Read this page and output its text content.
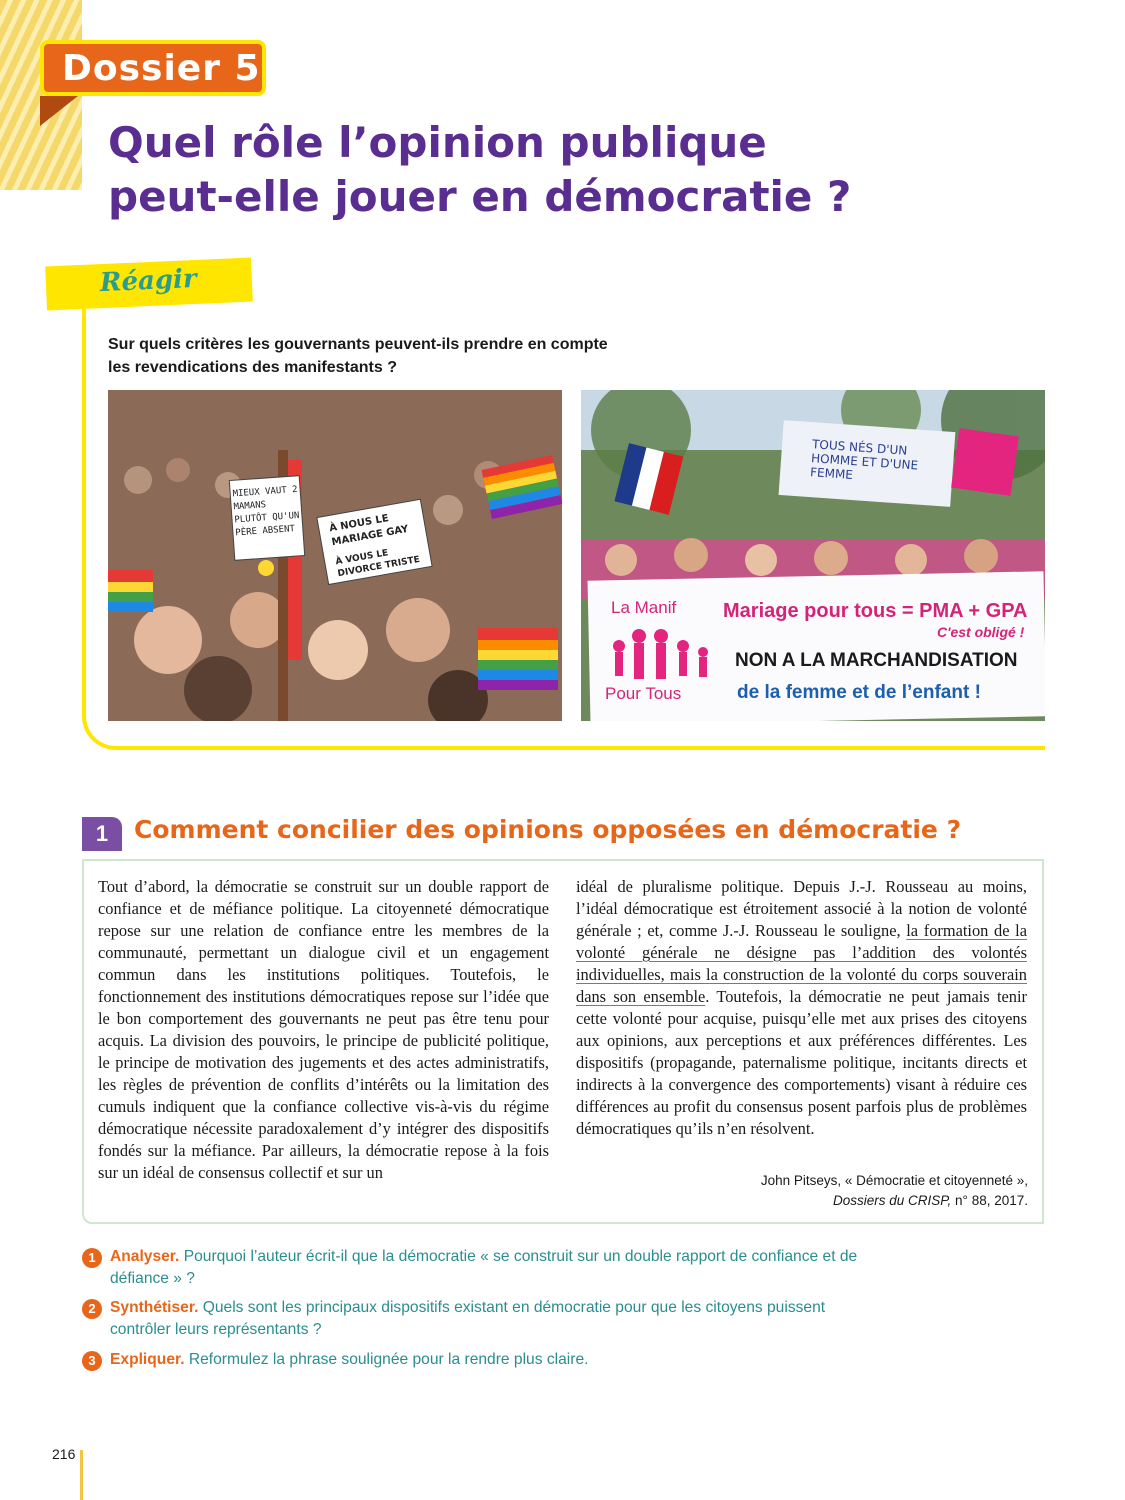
Dossier 5
Quel rôle l’opinion publique
peut-elle jouer en démocratie ?
Réagir

Sur quels critères les gouvernants peuvent-ils prendre en compte
les revendications des manifestants ?

MIEUX VAUT 2 MAMANS PLUTÔT QU'UN PÈRE ABSENT	À NOUS LE MARIAGE GAY
À VOUS LE DIVORCE TRISTE
TOUS NÉS D'UN HOMME ET D'UNE FEMME
La Manif
Pour Tous
Mariage pour tous = PMA + GPA
C'est obligé !
NON A LA MARCHANDISATION
de la femme et de l’enfant !
1	Comment concilier des opinions opposées en démocratie ?

Tout d’abord, la démocratie se construit sur un double rapport de confiance et de méfiance politique. La citoyenneté démocratique repose sur une relation de confiance entre les membres de la communauté, permettant un dialogue civil et un engagement commun dans les institutions politiques. Toutefois, le fonctionnement des institutions démocratiques repose sur l’idée que le bon comportement des gouvernants ne peut pas être tenu pour acquis. La division des pouvoirs, le principe de publicité politique, le principe de motivation des jugements et des actes administratifs, les règles de prévention de conflits d’intérêts ou la limitation des cumuls indiquent que la confiance collective vis-à-vis du régime démocratique nécessite paradoxalement d’y intégrer des dispositifs fondés sur la méfiance. Par ailleurs, la démocratie repose à la fois sur un idéal de consensus collectif et sur un

idéal de pluralisme politique. Depuis J.-J. Rousseau au moins, l’idéal démocratique est étroitement associé à la notion de volonté générale ; et, comme J.-J. Rousseau le souligne, la formation de la volonté générale ne désigne pas l’addition des volontés individuelles, mais la construction de la volonté du corps souverain dans son ensemble. Toutefois, la démocratie ne peut jamais tenir cette volonté pour acquise, puisqu’elle met aux prises des citoyens aux opinions, aux perceptions et aux préférences différentes. Les dispositifs (propagande, paternalisme politique, incitants directs et indirects à la convergence des comportements) visant à réduire ces différences au profit du consensus posent parfois plus de problèmes démocratiques qu’ils n’en résolvent.

John Pitseys, « Démocratie et citoyenneté »,
Dossiers du CRISP, n° 88, 2017.
1 Analyser. Pourquoi l’auteur écrit-il que la démocratie « se construit sur un double rapport de confiance et de défiance » ?
2 Synthétiser. Quels sont les principaux dispositifs existant en démocratie pour que les citoyens puissent contrôler leurs représentants ?
3 Expliquer. Reformulez la phrase soulignée pour la rendre plus claire.
216
